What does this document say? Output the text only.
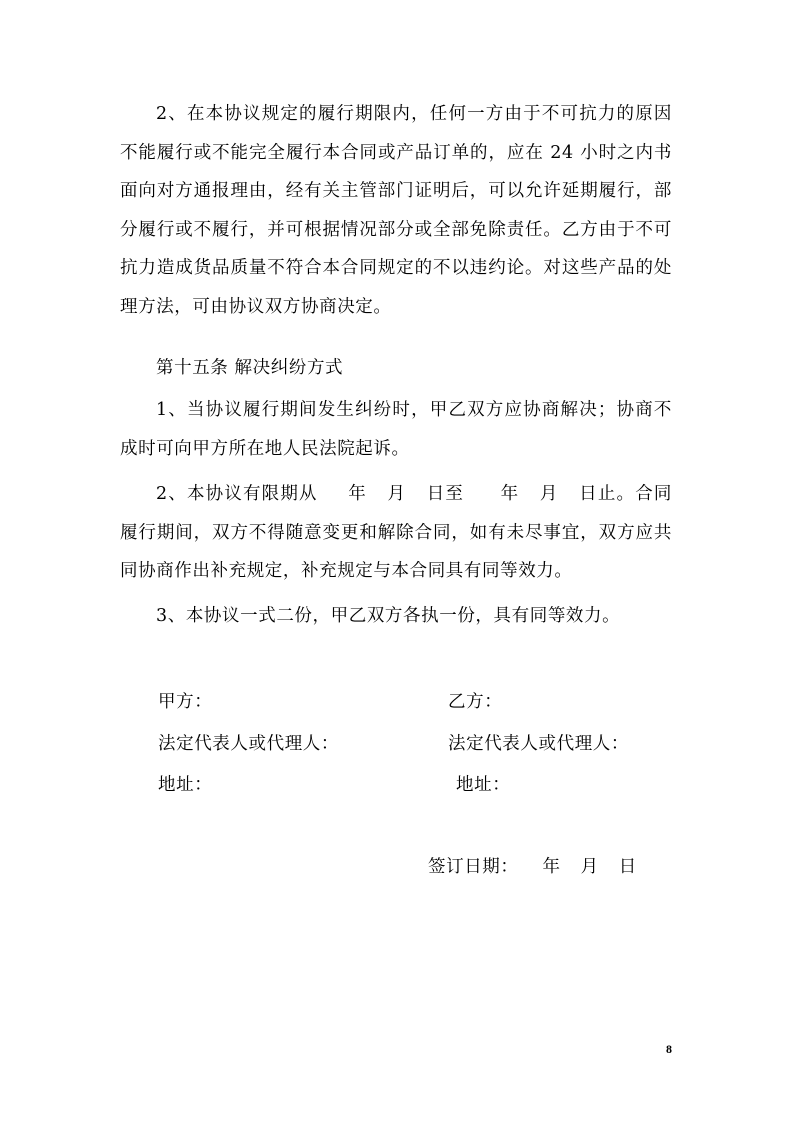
2、在本协议规定的履行期限内，任何一方由于不可抗力的原因不能履行或不能完全履行本合同或产品订单的，应在 24 小时之内书面向对方通报理由，经有关主管部门证明后，可以允许延期履行，部分履行或不履行，并可根据情况部分或全部免除责任。乙方由于不可抗力造成货品质量不符合本合同规定的不以违约论。对这些产品的处理方法，可由协议双方协商决定。

第十五条 解决纠纷方式

1、当协议履行期间发生纠纷时，甲乙双方应协商解决；协商不成时可向甲方所在地人民法院起诉。

2、本协议有限期从 年 月 日至 年 月 日止。合同履行期间，双方不得随意变更和解除合同，如有未尽事宜，双方应共同协商作出补充规定，补充规定与本合同具有同等效力。

3、本协议一式二份，甲乙双方各执一份，具有同等效力。

甲方：	乙方：
法定代表人或代理人：	法定代表人或代理人：
地址：	地址：
签订日期： 年 月 日
8
